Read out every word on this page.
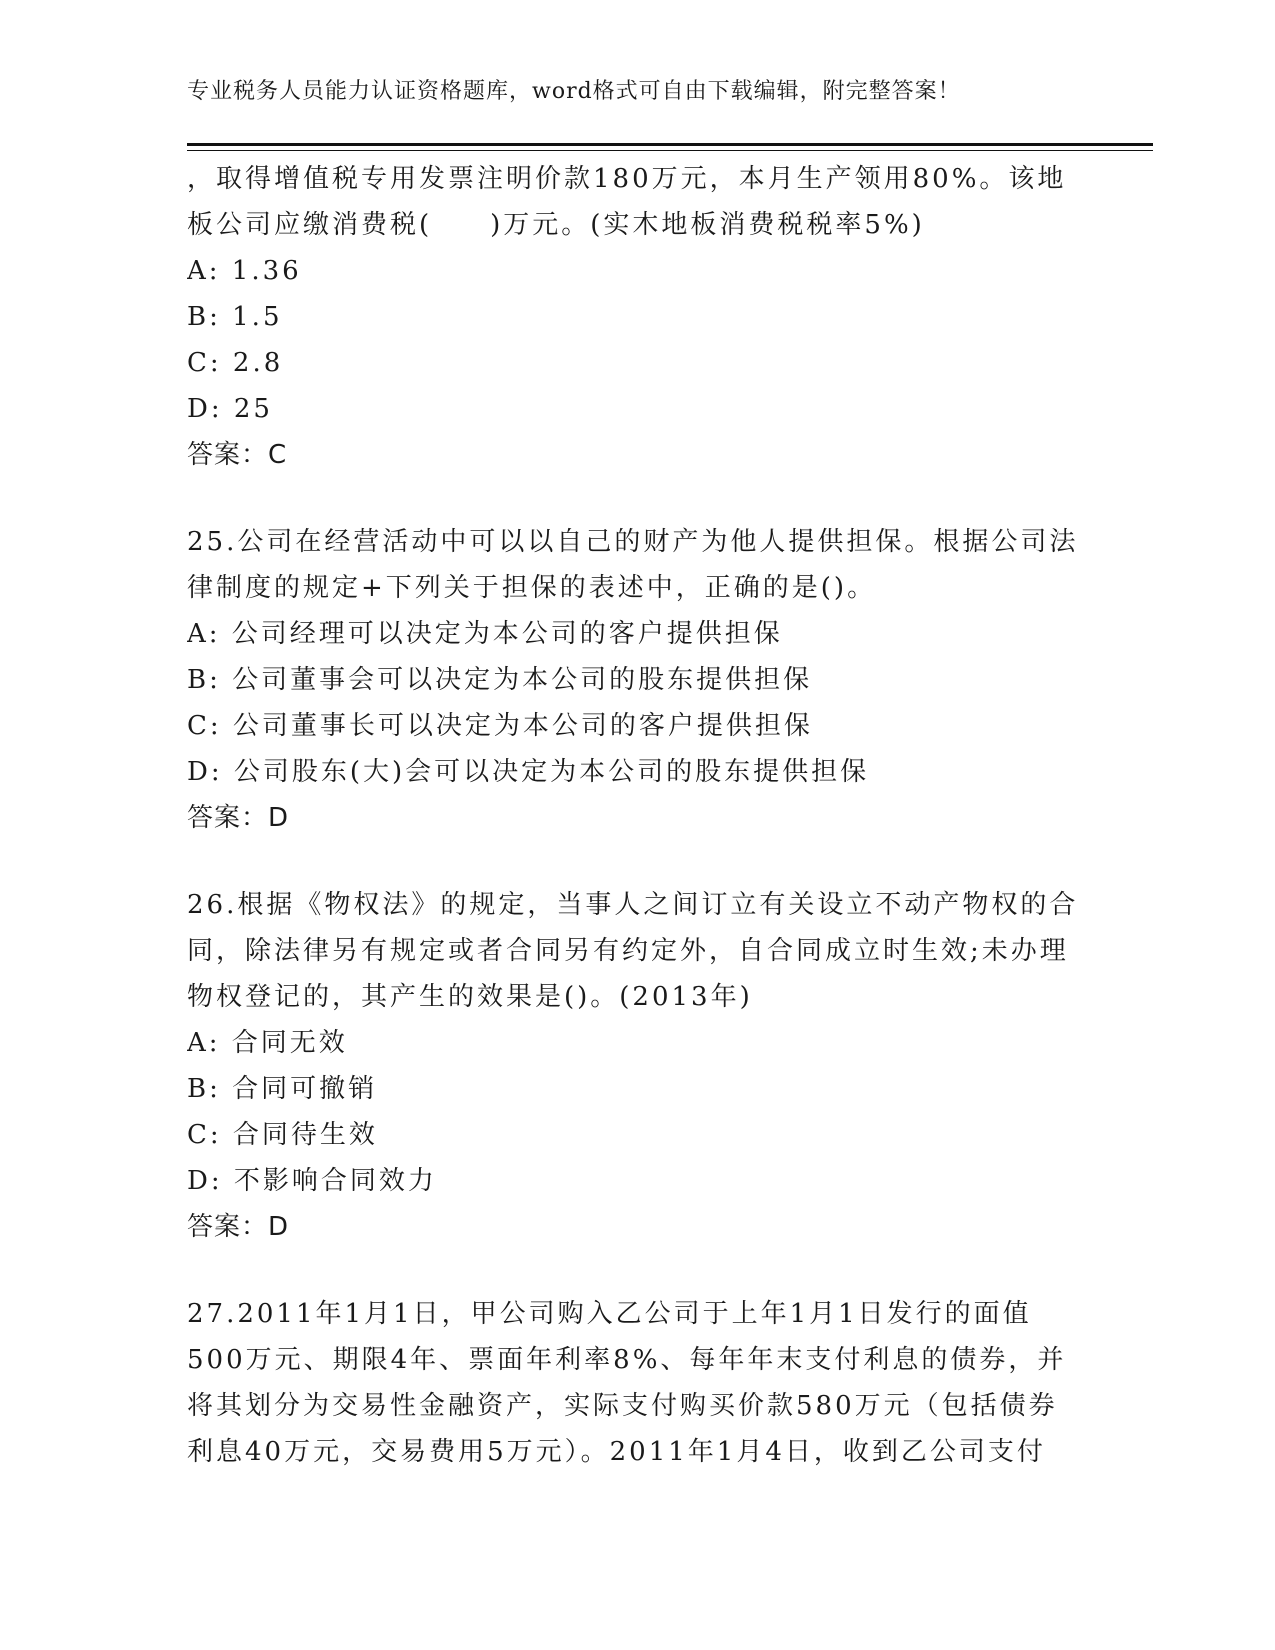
专业税务人员能力认证资格题库，word格式可自由下载编辑，附完整答案！
，取得增值税专用发票注明价款180万元，本月生产领用80%。该地
板公司应缴消费税(　　)万元。(实木地板消费税税率5%)
A: 1.36
B: 1.5
C: 2.8
D: 25
答案：C
25.公司在经营活动中可以以自己的财产为他人提供担保。根据公司法
律制度的规定+下列关于担保的表述中，正确的是()。
A: 公司经理可以决定为本公司的客户提供担保
B: 公司董事会可以决定为本公司的股东提供担保
C: 公司董事长可以决定为本公司的客户提供担保
D: 公司股东(大)会可以决定为本公司的股东提供担保
答案：D
26.根据《物权法》的规定，当事人之间订立有关设立不动产物权的合
同，除法律另有规定或者合同另有约定外，自合同成立时生效;未办理
物权登记的，其产生的效果是()。(2013年)
A: 合同无效
B: 合同可撤销
C: 合同待生效
D: 不影响合同效力
答案：D
27.2011年1月1日，甲公司购入乙公司于上年1月1日发行的面值
500万元、期限4年、票面年利率8%、每年年末支付利息的债券，并
将其划分为交易性金融资产，实际支付购买价款580万元（包括债券
利息40万元，交易费用5万元）。2011年1月4日，收到乙公司支付
